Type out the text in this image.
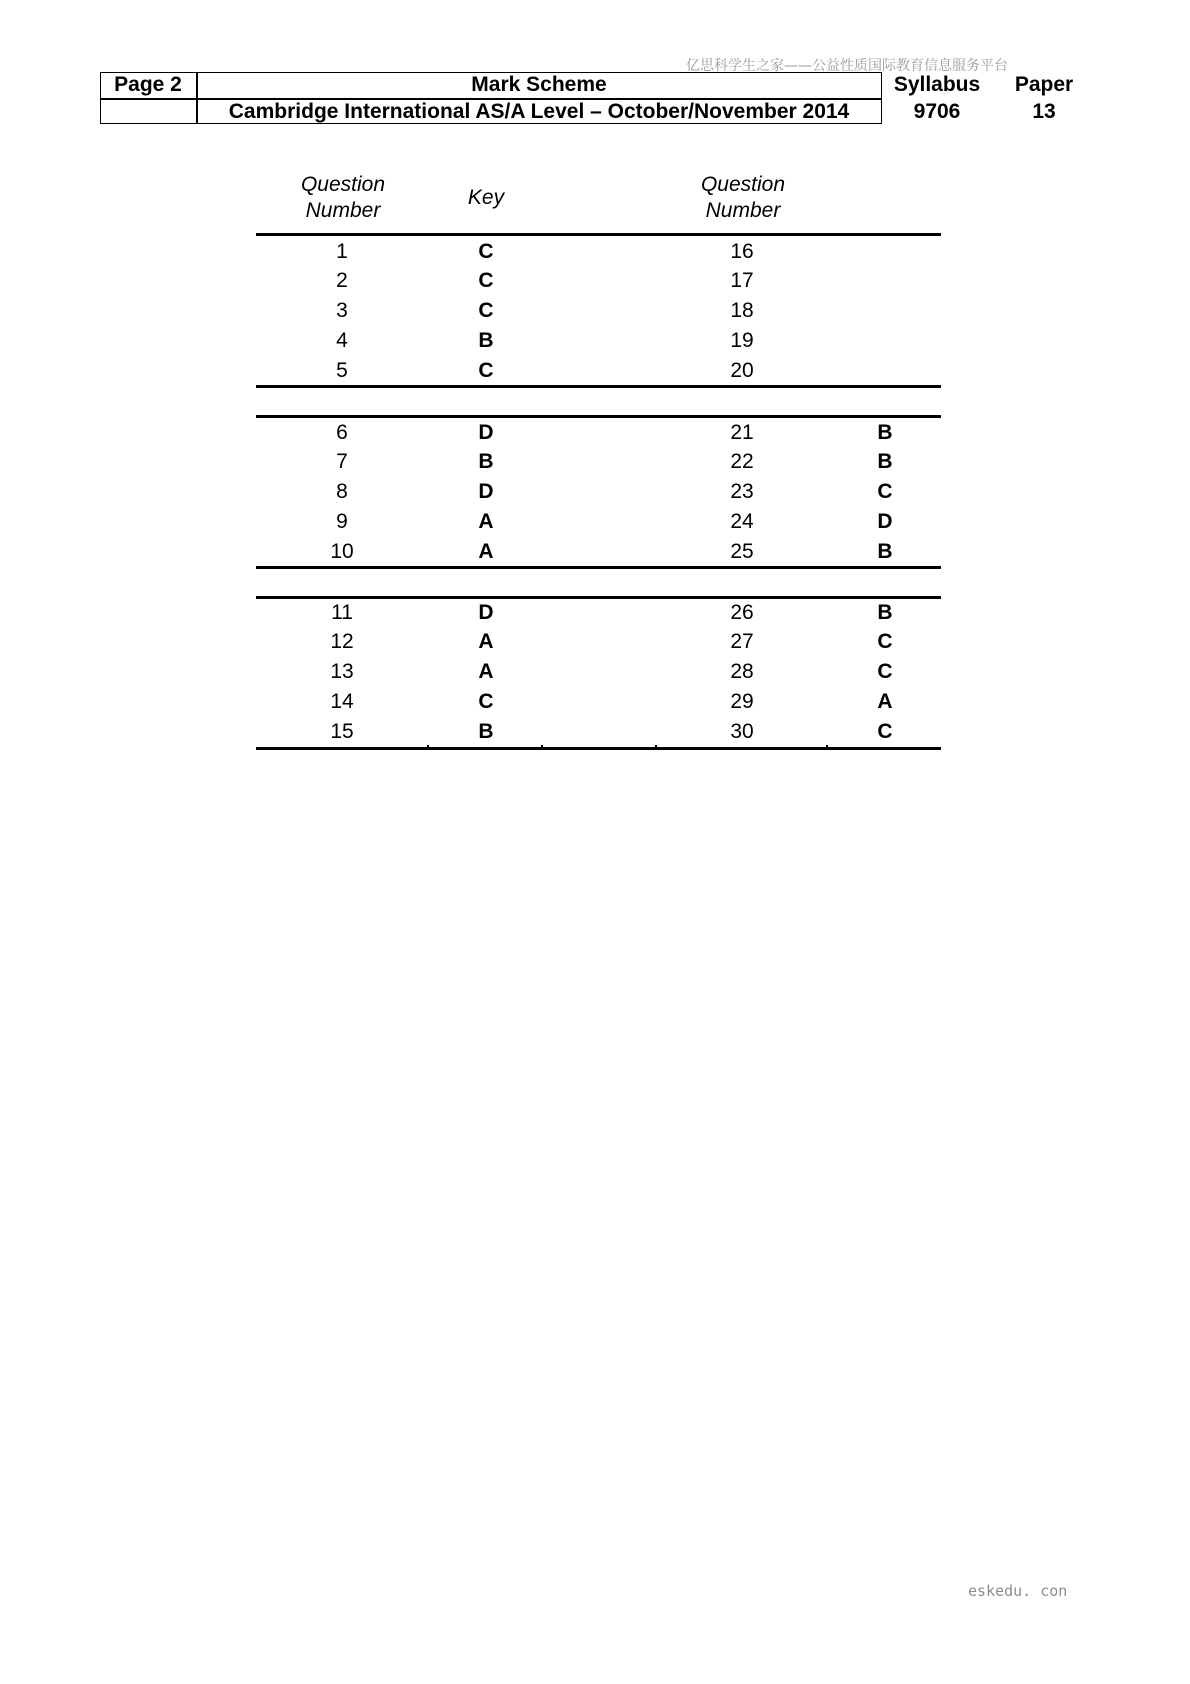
亿思科学生之家——公益性质国际教育信息服务平台
Page 2	Mark Scheme
Cambridge International AS/A Level – October/November 2014
Syllabus
9706
Paper
13
Question
Number
Key
Question
Number
1	C	16
2	C	17
3	C	18
4	B	19
5	C	20
6	D	21	B
7	B	22	B
8	D	23	C
9	A	24	D
10	A	25	B
11	D	26	B
12	A	27	C
13	A	28	C
14	C	29	A
15	B	30	C
eskedu. con
